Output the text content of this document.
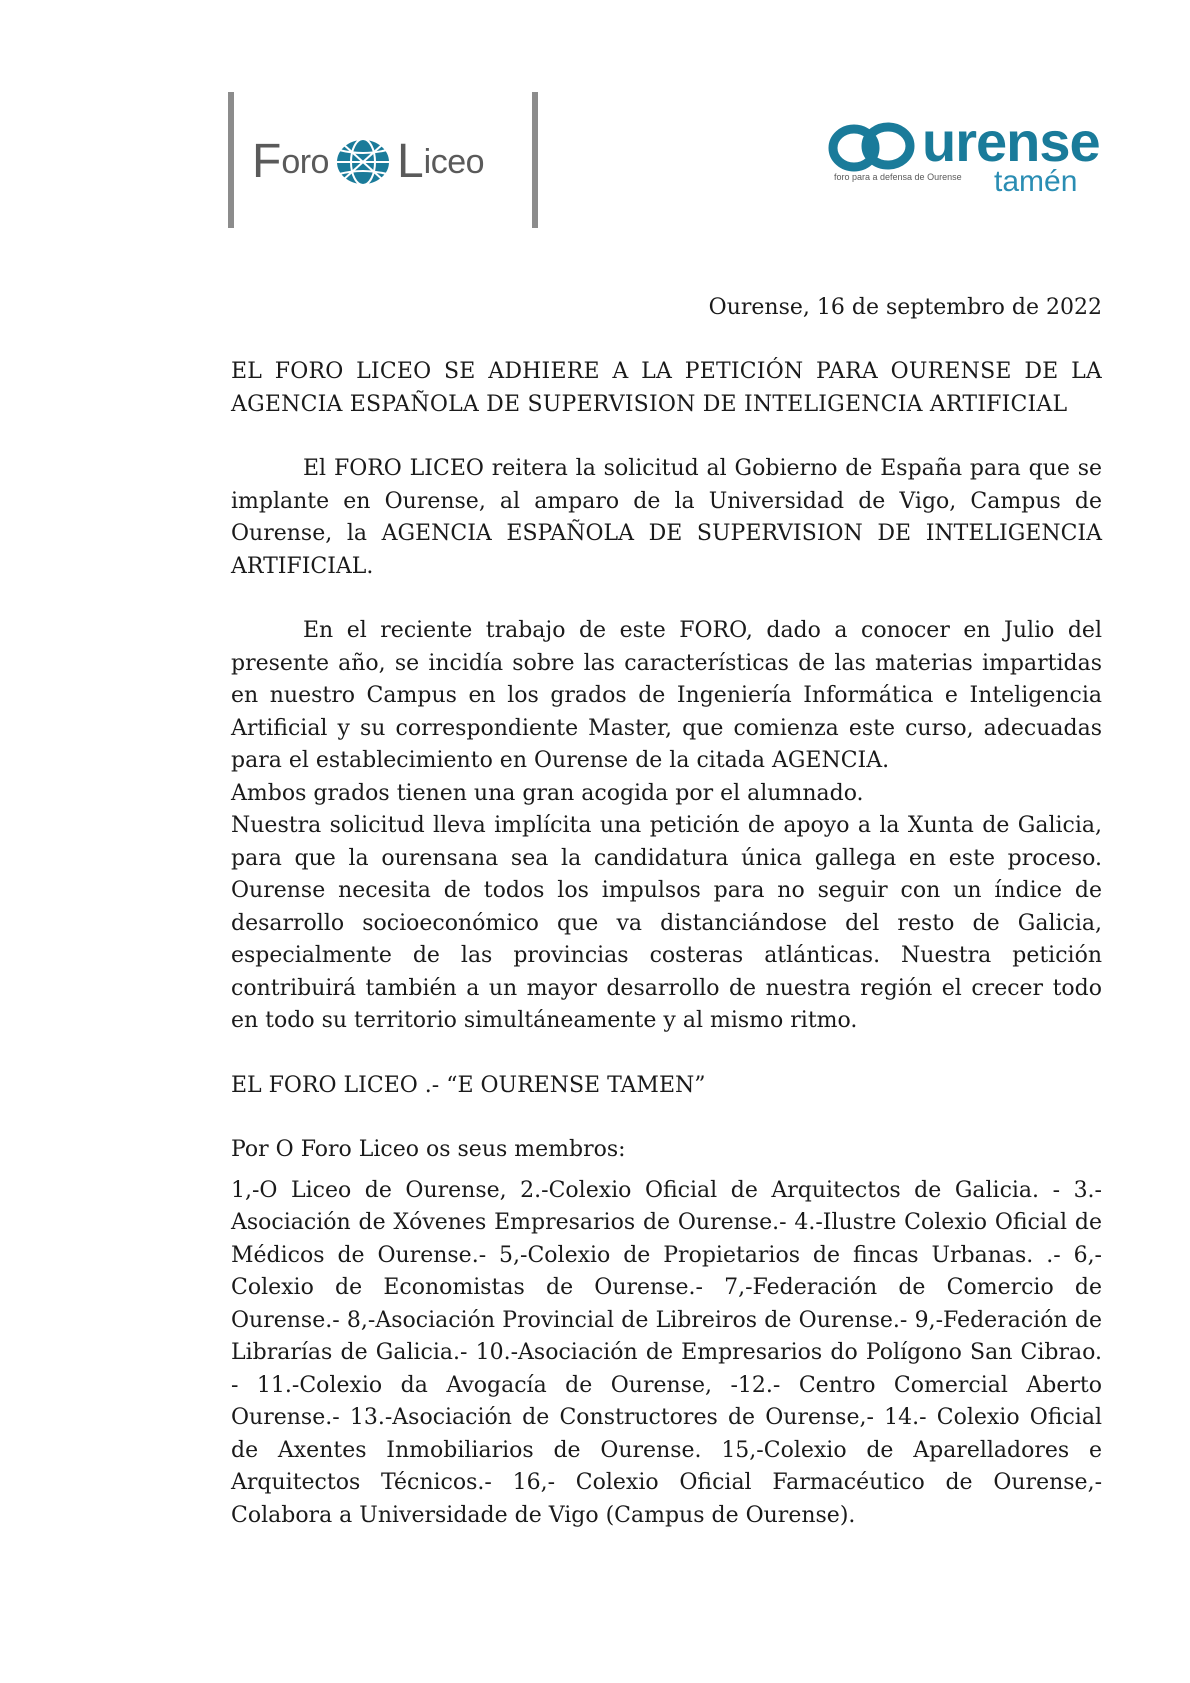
F oro L iceo	urense
foro para a defensa de Ourense tamén
Ourense, 16 de septembro de 2022

EL FORO LICEO SE ADHIERE A LA PETICIÓN PARA OURENSE DE LA AGENCIA ESPAÑOLA DE SUPERVISION DE INTELIGENCIA ARTIFICIAL

El FORO LICEO reitera la solicitud al Gobierno de España para que se implante en Ourense, al amparo de la Universidad de Vigo, Campus de Ourense, la AGENCIA ESPAÑOLA DE SUPERVISION DE INTELIGENCIA ARTIFICIAL.

En el reciente trabajo de este FORO, dado a conocer en Julio del presente año, se incidía sobre las características de las materias impartidas en nuestro Campus en los grados de Ingeniería Informática e Inteligencia Artificial y su correspondiente Master, que comienza este curso, adecuadas para el establecimiento en Ourense de la citada AGENCIA.

Ambos grados tienen una gran acogida por el alumnado.

Nuestra solicitud lleva implícita una petición de apoyo a la Xunta de Galicia, para que la ourensana sea la candidatura única gallega en este proceso. Ourense necesita de todos los impulsos para no seguir con un índice de desarrollo socioeconómico que va distanciándose del resto de Galicia, especialmente de las provincias costeras atlánticas. Nuestra petición contribuirá también a un mayor desarrollo de nuestra región el crecer todo en todo su territorio simultáneamente y al mismo ritmo.

EL FORO LICEO .- “E OURENSE TAMEN”

Por O Foro Liceo os seus membros:

1,-O Liceo de Ourense, 2.-Colexio Oficial de Arquitectos de Galicia. - 3.-Asociación de Xóvenes Empresarios de Ourense.- 4.-Ilustre Colexio Oficial de Médicos de Ourense.- 5,-Colexio de Propietarios de fincas Urbanas. .- 6,-Colexio de Economistas de Ourense.- 7,-Federación de Comercio de Ourense.- 8,-Asociación Provincial de Libreiros de Ourense.- 9,-Federación de Librarías de Galicia.- 10.-Asociación de Empresarios do Polígono San Cibrao. - 11.-Colexio da Avogacía de Ourense, -12.- Centro Comercial Aberto Ourense.- 13.-Asociación de Constructores de Ourense,- 14.- Colexio Oficial de Axentes Inmobiliarios de Ourense. 15,-Colexio de Aparelladores e Arquitectos Técnicos.- 16,- Colexio Oficial Farmacéutico de Ourense,- Colabora a Universidade de Vigo (Campus de Ourense).
